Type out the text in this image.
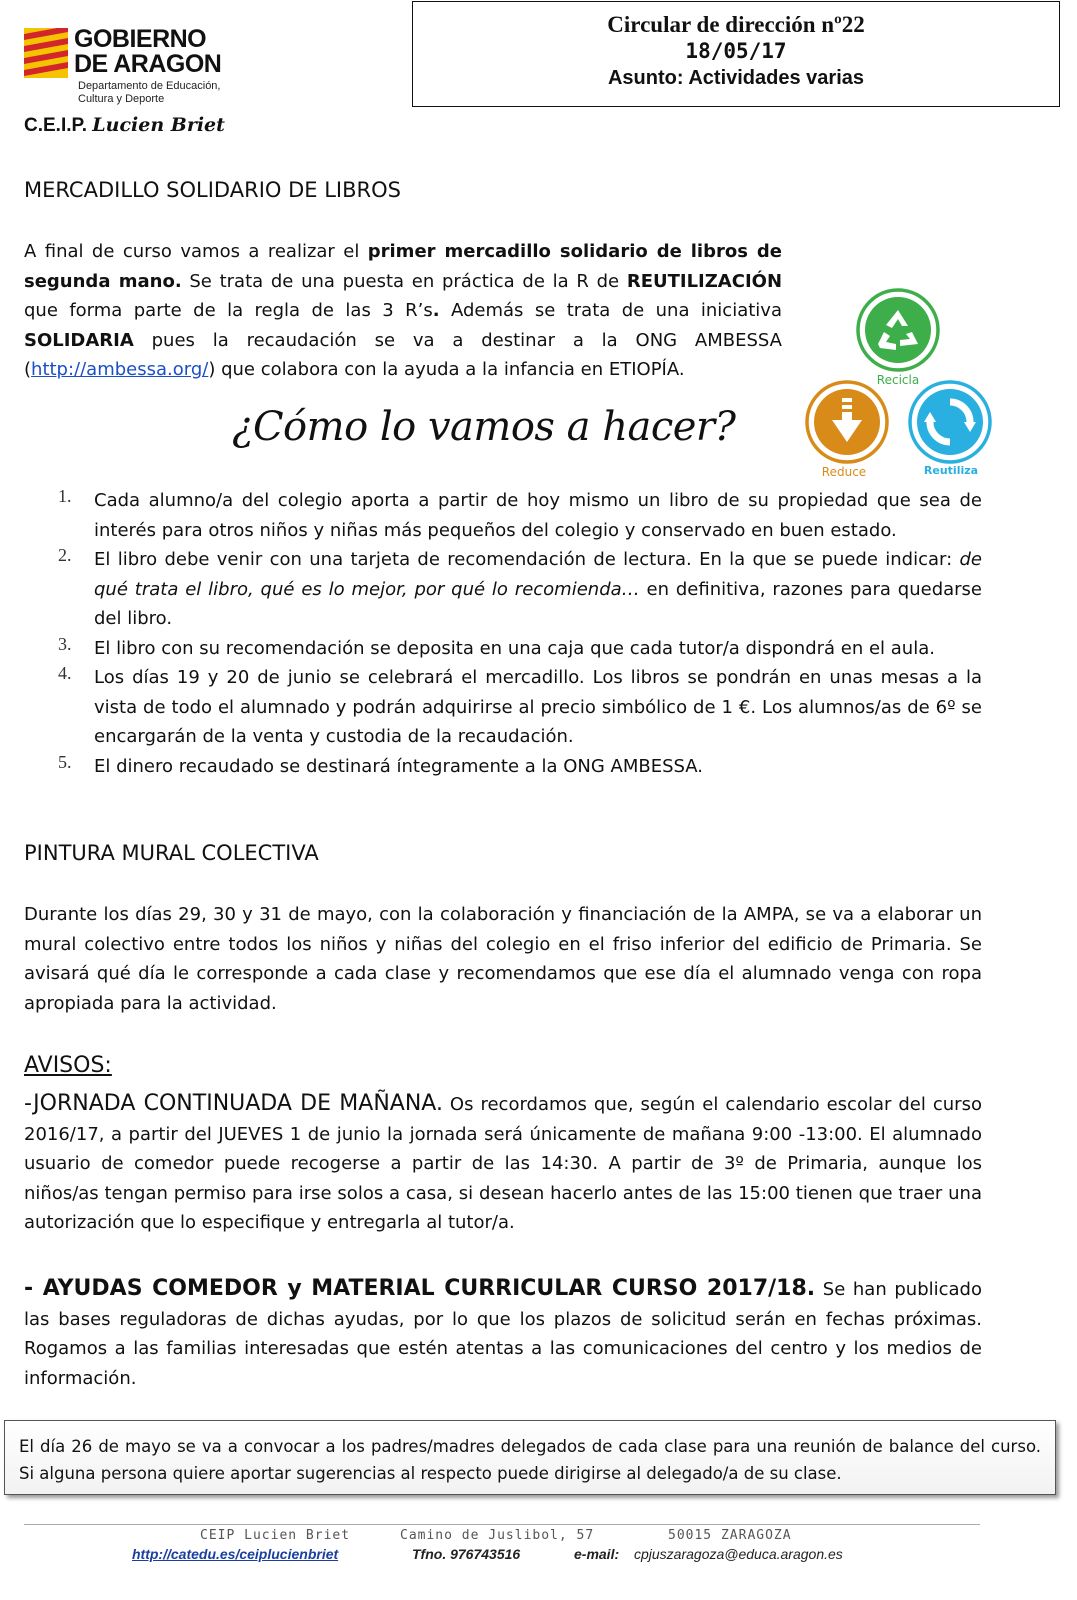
GOBIERNO
DE ARAGON
Departamento de Educación,
Cultura y Deporte
C.E.I.P. Lucien Briet
Circular de dirección nº22
18/05/17
Asunto: Actividades varias
MERCADILLO SOLIDARIO DE LIBROS
A final de curso vamos a realizar el primer mercadillo solidario de libros de segunda mano. Se trata de una puesta en práctica de la R de REUTILIZACIÓN que forma parte de la regla de las 3 R’s. Además se trata de una iniciativa SOLIDARIA pues la recaudación se va a destinar a la ONG AMBESSA (http://ambessa.org/) que colabora con la ayuda a la infancia en ETIOPÍA.	Recicla
Reduce	Reutiliza
¿Cómo lo vamos a hacer?
1. Cada alumno/a del colegio aporta a partir de hoy mismo un libro de su propiedad que sea de interés para otros niños y niñas más pequeños del colegio y conservado en buen estado.
2. El libro debe venir con una tarjeta de recomendación de lectura. En la que se puede indicar: de qué trata el libro, qué es lo mejor, por qué lo recomienda… en definitiva, razones para quedarse del libro.
3. El libro con su recomendación se deposita en una caja que cada tutor/a dispondrá en el aula.
4. Los días 19 y 20 de junio se celebrará el mercadillo. Los libros se pondrán en unas mesas a la vista de todo el alumnado y podrán adquirirse al precio simbólico de 1 €. Los alumnos/as de 6º se encargarán de la venta y custodia de la recaudación.
5. El dinero recaudado se destinará íntegramente a la ONG AMBESSA.
PINTURA MURAL COLECTIVA
Durante los días 29, 30 y 31 de mayo, con la colaboración y financiación de la AMPA, se va a elaborar un mural colectivo entre todos los niños y niñas del colegio en el friso inferior del edificio de Primaria. Se avisará qué día le corresponde a cada clase y recomendamos que ese día el alumnado venga con ropa apropiada para la actividad.
AVISOS:
-JORNADA CONTINUADA DE MAÑANA. Os recordamos que, según el calendario escolar del curso 2016/17, a partir del JUEVES 1 de junio la jornada será únicamente de mañana 9:00 -13:00. El alumnado usuario de comedor puede recogerse a partir de las 14:30. A partir de 3º de Primaria, aunque los niños/as tengan permiso para irse solos a casa, si desean hacerlo antes de las 15:00 tienen que traer una autorización que lo especifique y entregarla al tutor/a.
- AYUDAS COMEDOR y MATERIAL CURRICULAR CURSO 2017/18. Se han publicado las bases reguladoras de dichas ayudas, por lo que los plazos de solicitud serán en fechas próximas. Rogamos a las familias interesadas que estén atentas a las comunicaciones del centro y los medios de información.
El día 26 de mayo se va a convocar a los padres/madres delegados de cada clase para una reunión de balance del curso. Si alguna persona quiere aportar sugerencias al respecto puede dirigirse al delegado/a de su clase.
CEIP Lucien Briet	Camino de Juslibol, 57	50015 ZARAGOZA
http://catedu.es/ceiplucienbriet	Tfno. 976743516	e-mail: cpjuszaragoza@educa.aragon.es
